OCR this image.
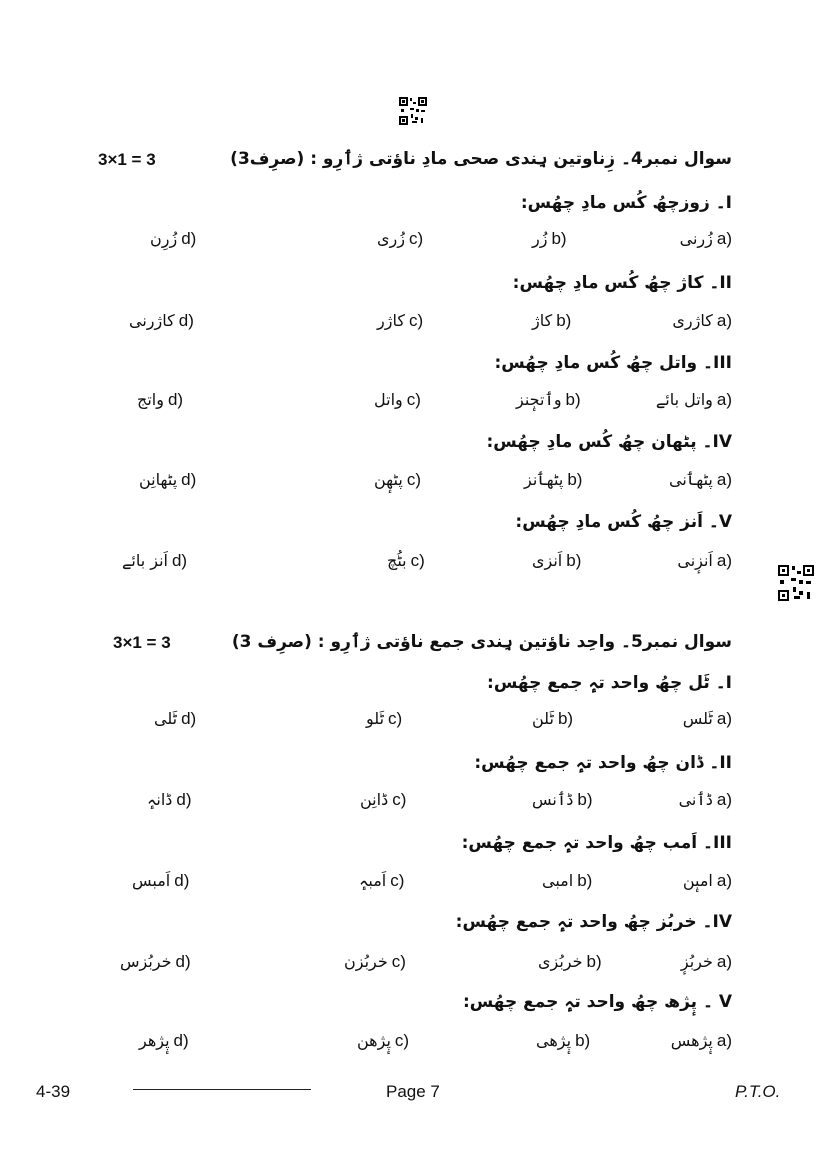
سوال نمبر4۔ زِناوتین ہِندی صحی مادِ ناؤتی ژٲرِو : (صرِف3)
3×1 = 3
I۔ زوزچھُ کُس مادِ چھُس:
زُرنی a)
زُر b)
زُری c)
زُرِن d)
II۔ کاژ چھُ کُس مادِ چھُس:
کاژری a)
کاژ b)
کاژر c)
کاژرنی d)
III۔ واتل چھُ کُس مادِ چھُس:
واتل بائے a)
وٲتجٕنز b)
واتل c)
واتج d)
IV۔ پٹھان چھُ کُس مادِ چھُس:
پٹھٲنی a)
پٹھٲنز b)
پٹھٕن c)
پٹھانِن d)
V۔ اَنز چھُ کُس مادِ چھُس:
اَنزٕنی a)
اَنزی b)
بٹُچ c)
اَنز بائے d)
سوال نمبر5۔ واحِد ناؤتین ہِندی جمع ناؤتی ژٲرِو : (صرِف 3)
3×1 = 3
I۔ ٹَل چھُ واحد تہٕ جمع چھُس:
ٹَلس a)
ٹَلن b)
ٹَلو c)
ٹَلی d)
II۔ ڈان چھُ واحد تہٕ جمع چھُس:
ڈٲنی a)
ڈٲنس b)
ڈانِن c)
ڈانہٕ d)
III۔ اَمب چھُ واحد تہٕ جمع چھُس:
امبٕن a)
امبی b)
اَمبہٕ c)
اَمبس d)
IV۔ خربُز چھُ واحد تہٕ جمع چھُس:
خربُزٕ a)
خربُزی b)
خربُزن c)
خربُزس d)
V ۔ پٕژھ چھُ واحد تہٕ جمع چھُس:
پٕژھس a)
پٕژھی b)
پٕژھن c)
پٕژھر d)
4-39	Page 7	P.T.O.
